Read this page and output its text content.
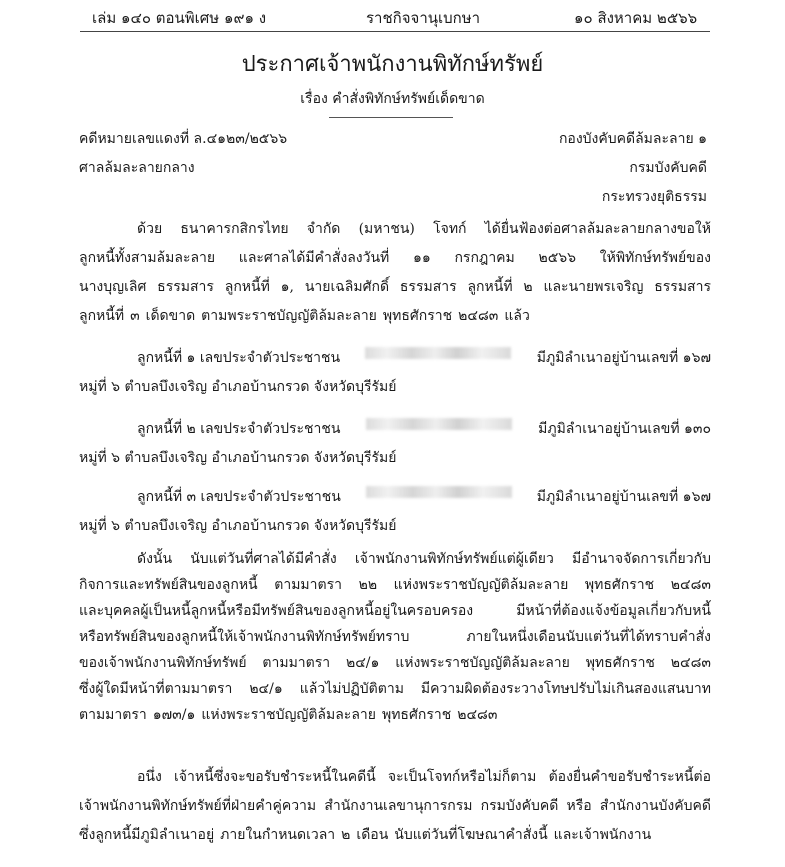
เล่ม ๑๔๐ ตอนพิเศษ ๑๙๑ ง	ราชกิจจานุเบกษา	๑๐ สิงหาคม ๒๕๖๖
ประกาศเจ้าพนักงานพิทักษ์ทรัพย์
เรื่อง คำสั่งพิทักษ์ทรัพย์เด็ดขาด
คดีหมายเลขแดงที่ ล.๔๑๒๓/๒๕๖๖
ศาลล้มละลายกลาง
กองบังคับคดีล้มละลาย ๑
กรมบังคับคดี
กระทรวงยุติธรรม
ด้วย ธนาคารกสิกรไทย จำกัด (มหาชน) โจทก์ ได้ยื่นฟ้องต่อศาลล้มละลายกลางขอให้
ลูกหนี้ทั้งสามล้มละลาย และศาลได้มีคำสั่งลงวันที่ ๑๑ กรกฎาคม ๒๕๖๖ ให้พิทักษ์ทรัพย์ของ
นางบุญเลิศ ธรรมสาร ลูกหนี้ที่ ๑, นายเฉลิมศักดิ์ ธรรมสาร ลูกหนี้ที่ ๒ และนายพรเจริญ ธรรมสาร
ลูกหนี้ที่ ๓ เด็ดขาด ตามพระราชบัญญัติล้มละลาย พุทธศักราช ๒๔๘๓ แล้ว
ลูกหนี้ที่ ๑ เลขประจำตัวประชาชน	มีภูมิลำเนาอยู่บ้านเลขที่ ๑๖๗
หมู่ที่ ๖ ตำบลบึงเจริญ อำเภอบ้านกรวด จังหวัดบุรีรัมย์
ลูกหนี้ที่ ๒ เลขประจำตัวประชาชน	มีภูมิลำเนาอยู่บ้านเลขที่ ๑๓๐
หมู่ที่ ๖ ตำบลบึงเจริญ อำเภอบ้านกรวด จังหวัดบุรีรัมย์
ลูกหนี้ที่ ๓ เลขประจำตัวประชาชน	มีภูมิลำเนาอยู่บ้านเลขที่ ๑๖๗
หมู่ที่ ๖ ตำบลบึงเจริญ อำเภอบ้านกรวด จังหวัดบุรีรัมย์
ดังนั้น นับแต่วันที่ศาลได้มีคำสั่ง เจ้าพนักงานพิทักษ์ทรัพย์แต่ผู้เดียว มีอำนาจจัดการเกี่ยวกับ
กิจการและทรัพย์สินของลูกหนี้ ตามมาตรา ๒๒ แห่งพระราชบัญญัติล้มละลาย พุทธศักราช ๒๔๘๓
และบุคคลผู้เป็นหนี้ลูกหนี้หรือมีทรัพย์สินของลูกหนี้อยู่ในครอบครอง	มีหน้าที่ต้องแจ้งข้อมูลเกี่ยวกับหนี้
หรือทรัพย์สินของลูกหนี้ให้เจ้าพนักงานพิทักษ์ทรัพย์ทราบ	ภายในหนึ่งเดือนนับแต่วันที่ได้ทราบคำสั่ง
ของเจ้าพนักงานพิทักษ์ทรัพย์ ตามมาตรา ๒๔/๑ แห่งพระราชบัญญัติล้มละลาย พุทธศักราช ๒๔๘๓
ซึ่งผู้ใดมีหน้าที่ตามมาตรา ๒๔/๑ แล้วไม่ปฏิบัติตาม มีความผิดต้องระวางโทษปรับไม่เกินสองแสนบาท
ตามมาตรา ๑๗๓/๑ แห่งพระราชบัญญัติล้มละลาย พุทธศักราช ๒๔๘๓
อนึ่ง เจ้าหนี้ซึ่งจะขอรับชำระหนี้ในคดีนี้ จะเป็นโจทก์หรือไม่ก็ตาม ต้องยื่นคำขอรับชำระหนี้ต่อ
เจ้าพนักงานพิทักษ์ทรัพย์ที่ฝ่ายคำคู่ความ สำนักงานเลขานุการกรม กรมบังคับคดี หรือ สำนักงานบังคับคดี
ซึ่งลูกหนี้มีภูมิลำเนาอยู่ ภายในกำหนดเวลา ๒ เดือน นับแต่วันที่โฆษณาคำสั่งนี้ และเจ้าพนักงาน
